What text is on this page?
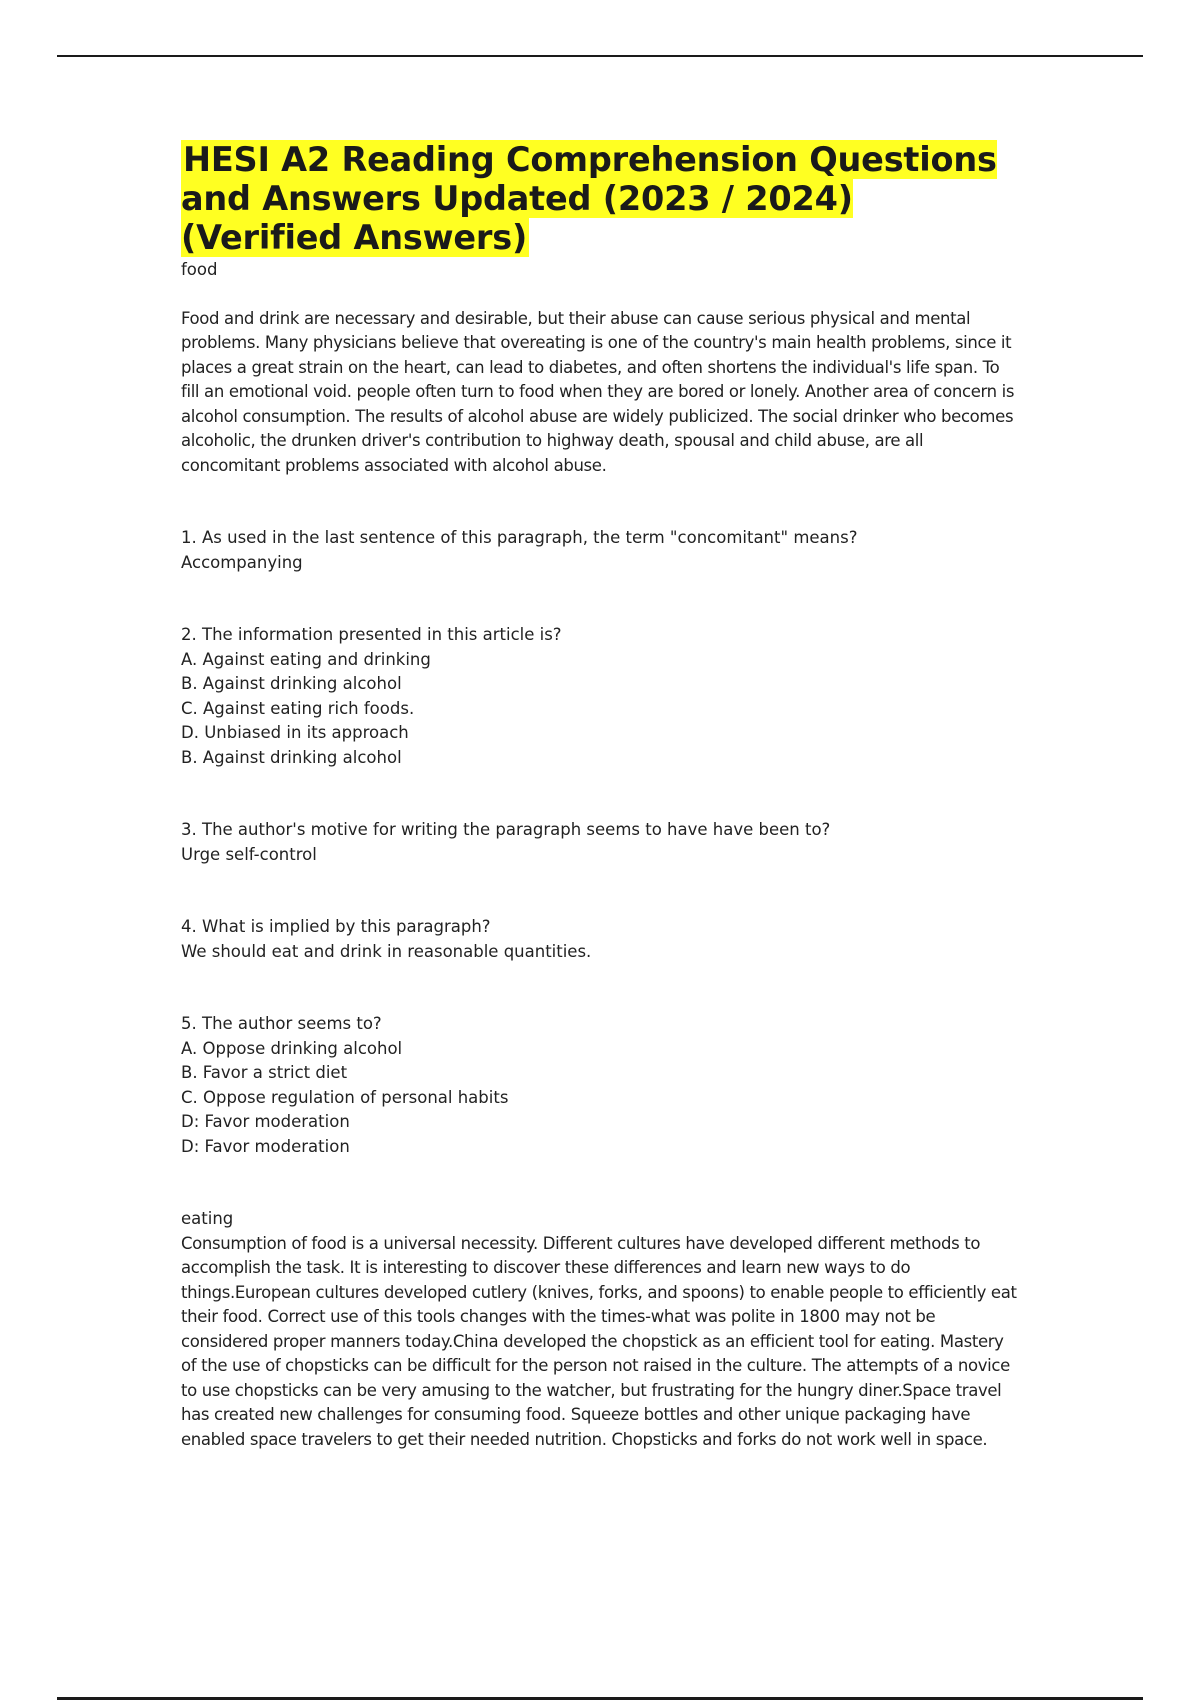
HESI A2 Reading Comprehension Questions and Answers Updated (2023 / 2024) (Verified Answers)
food
Food and drink are necessary and desirable, but their abuse can cause serious physical and mental problems. Many physicians believe that overeating is one of the country's main health problems, since it places a great strain on the heart, can lead to diabetes, and often shortens the individual's life span. To fill an emotional void. people often turn to food when they are bored or lonely. Another area of concern is alcohol consumption. The results of alcohol abuse are widely publicized. The social drinker who becomes alcoholic, the drunken driver's contribution to highway death, spousal and child abuse, are all concomitant problems associated with alcohol abuse.
1. As used in the last sentence of this paragraph, the term "concomitant" means?
Accompanying
2. The information presented in this article is?
A. Against eating and drinking
B. Against drinking alcohol
C. Against eating rich foods.
D. Unbiased in its approach
B. Against drinking alcohol
3. The author's motive for writing the paragraph seems to have have been to?
Urge self-control
4. What is implied by this paragraph?
We should eat and drink in reasonable quantities.
5. The author seems to?
A. Oppose drinking alcohol
B. Favor a strict diet
C. Oppose regulation of personal habits
D: Favor moderation
D: Favor moderation
eating
Consumption of food is a universal necessity. Different cultures have developed different methods to accomplish the task. It is interesting to discover these differences and learn new ways to do things.European cultures developed cutlery (knives, forks, and spoons) to enable people to efficiently eat their food. Correct use of this tools changes with the times-what was polite in 1800 may not be considered proper manners today.China developed the chopstick as an efficient tool for eating. Mastery of the use of chopsticks can be difficult for the person not raised in the culture. The attempts of a novice to use chopsticks can be very amusing to the watcher, but frustrating for the hungry diner.Space travel has created new challenges for consuming food. Squeeze bottles and other unique packaging have enabled space travelers to get their needed nutrition. Chopsticks and forks do not work well in space.
